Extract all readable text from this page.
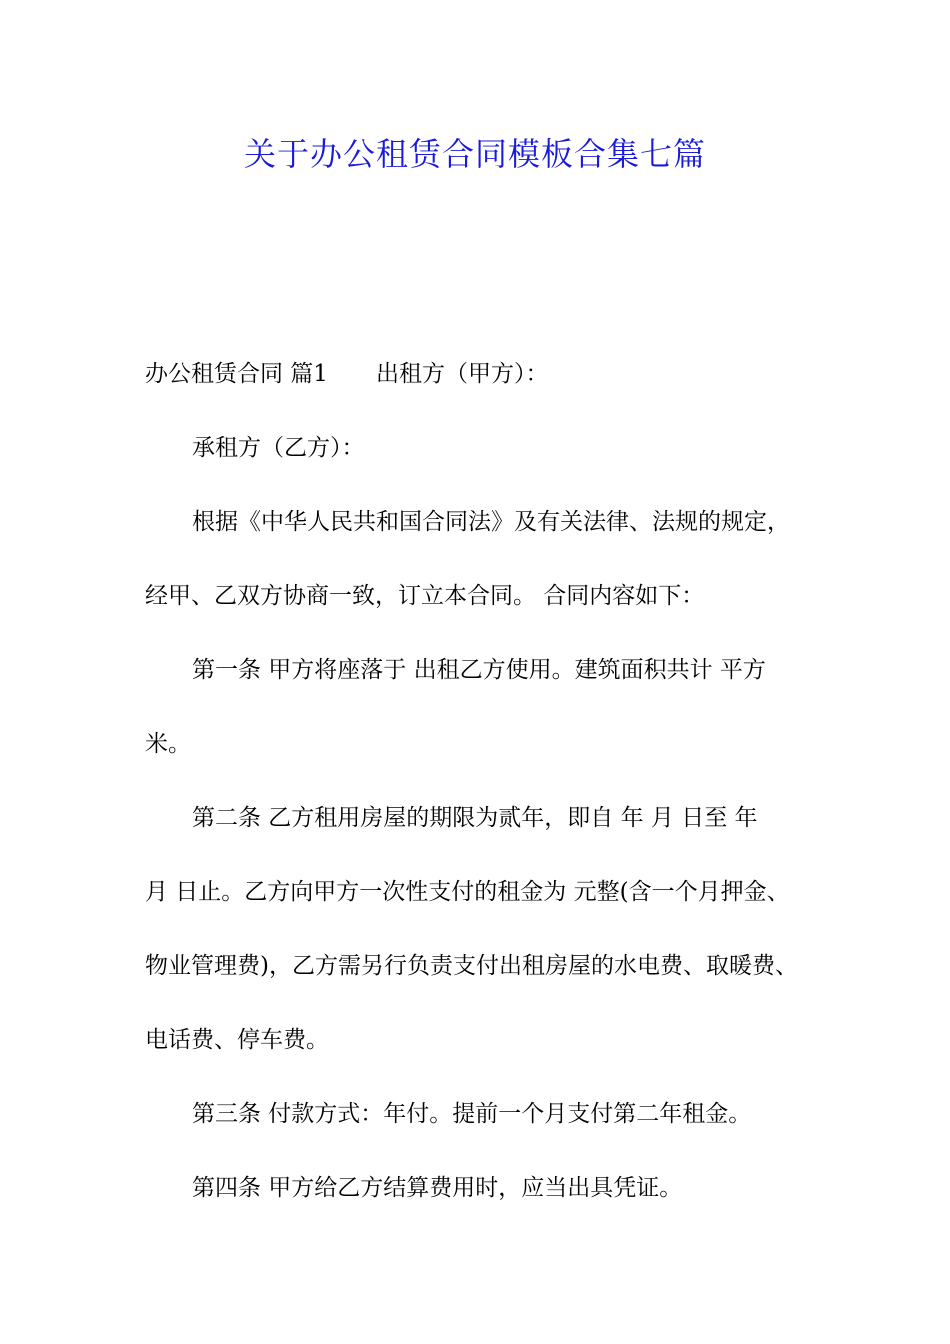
关于办公租赁合同模板合集七篇

办公租赁合同 篇1 出租方（甲方）：

承租方（乙方）：

根据《中华人民共和国合同法》及有关法律、法规的规定，

经甲、乙双方协商一致，订立本合同。 合同内容如下：

第一条 甲方将座落于 出租乙方使用。建筑面积共计 平方

米。

第二条 乙方租用房屋的期限为贰年，即自 年 月 日至 年

月 日止。乙方向甲方一次性支付的租金为 元整(含一个月押金、

物业管理费)，乙方需另行负责支付出租房屋的水电费、取暖费、

电话费、停车费。

第三条 付款方式：年付。提前一个月支付第二年租金。

第四条 甲方给乙方结算费用时，应当出具凭证。
